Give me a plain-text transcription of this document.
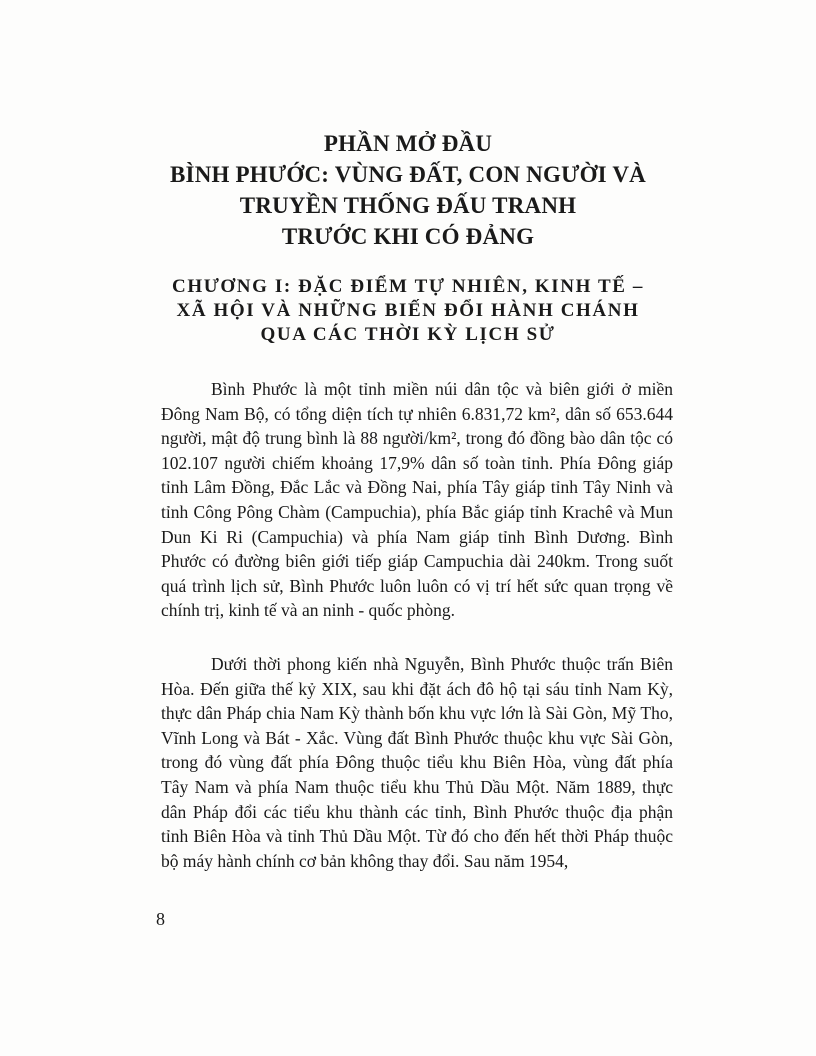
PHẦN MỞ ĐẦU
BÌNH PHƯỚC: VÙNG ĐẤT, CON NGƯỜI VÀ
TRUYỀN THỐNG ĐẤU TRANH
TRƯỚC KHI CÓ ĐẢNG
CHƯƠNG I: ĐẶC ĐIỂM TỰ NHIÊN, KINH TẾ –
XÃ HỘI VÀ NHỮNG BIẾN ĐỔI HÀNH CHÁNH
QUA CÁC THỜI KỲ LỊCH SỬ

Bình Phước là một tỉnh miền núi dân tộc và biên giới ở miền Đông Nam Bộ, có tổng diện tích tự nhiên 6.831,72 km², dân số 653.644 người, mật độ trung bình là 88 người/km², trong đó đồng bào dân tộc có 102.107 người chiếm khoảng 17,9% dân số toàn tỉnh. Phía Đông giáp tỉnh Lâm Đồng, Đắc Lắc và Đồng Nai, phía Tây giáp tỉnh Tây Ninh và tỉnh Công Pông Chàm (Campuchia), phía Bắc giáp tỉnh Krachê và Mun Dun Ki Ri (Campuchia) và phía Nam giáp tỉnh Bình Dương. Bình Phước có đường biên giới tiếp giáp Campuchia dài 240km. Trong suốt quá trình lịch sử, Bình Phước luôn luôn có vị trí hết sức quan trọng về chính trị, kinh tế và an ninh - quốc phòng.

Dưới thời phong kiến nhà Nguyễn, Bình Phước thuộc trấn Biên Hòa. Đến giữa thế kỷ XIX, sau khi đặt ách đô hộ tại sáu tỉnh Nam Kỳ, thực dân Pháp chia Nam Kỳ thành bốn khu vực lớn là Sài Gòn, Mỹ Tho, Vĩnh Long và Bát - Xắc. Vùng đất Bình Phước thuộc khu vực Sài Gòn, trong đó vùng đất phía Đông thuộc tiểu khu Biên Hòa, vùng đất phía Tây Nam và phía Nam thuộc tiểu khu Thủ Dầu Một. Năm 1889, thực dân Pháp đổi các tiểu khu thành các tỉnh, Bình Phước thuộc địa phận tỉnh Biên Hòa và tỉnh Thủ Dầu Một. Từ đó cho đến hết thời Pháp thuộc bộ máy hành chính cơ bản không thay đổi. Sau năm 1954,

8
